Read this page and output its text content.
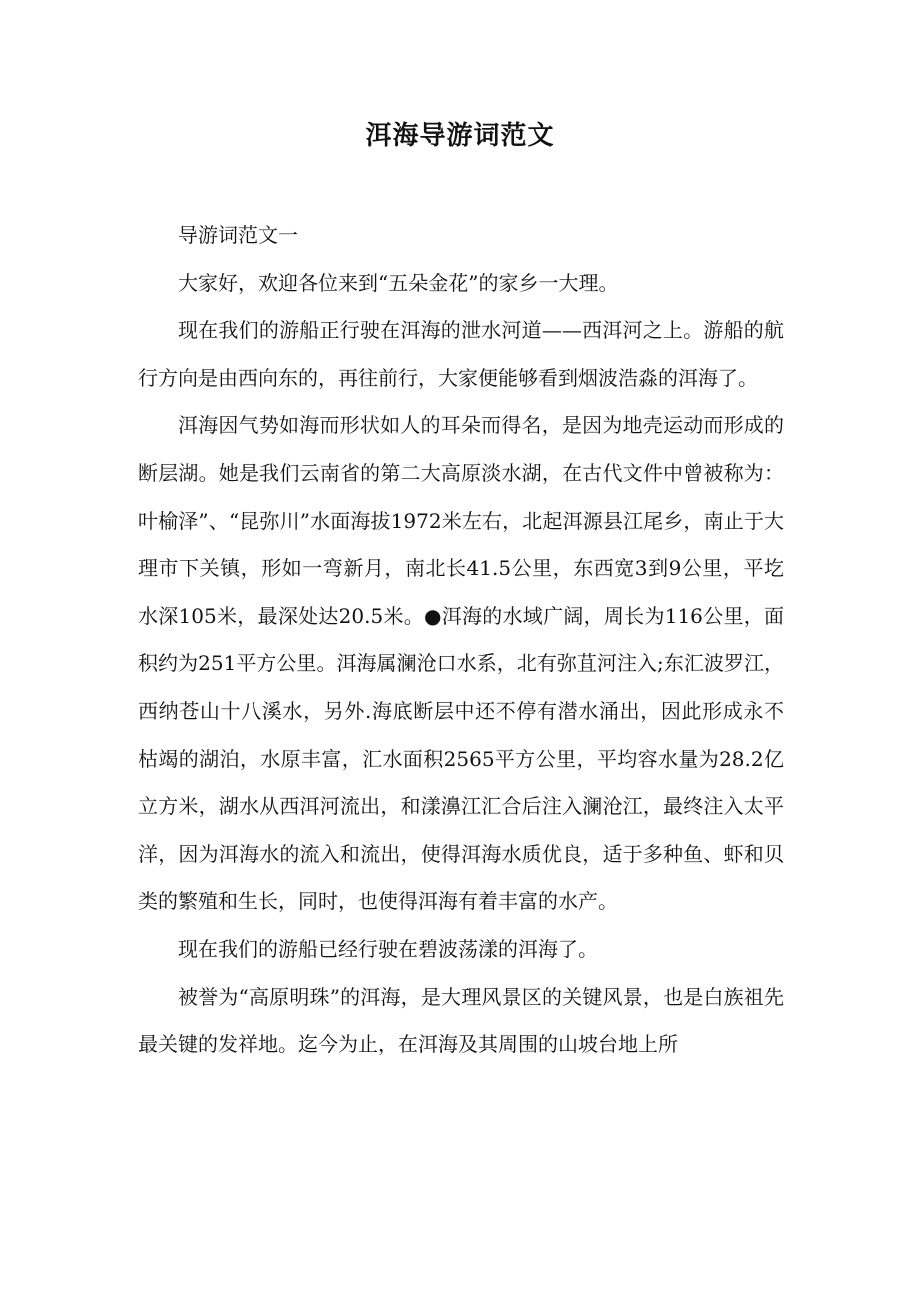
洱海导游词范文

导游词范文一

大家好，欢迎各位来到“五朵金花”的家乡一大理。

现在我们的游船正行驶在洱海的泄水河道——西洱河之上。游船的航行方向是由西向东的，再往前行，大家便能够看到烟波浩淼的洱海了。

洱海因气势如海而形状如人的耳朵而得名，是因为地壳运动而形成的断层湖。她是我们云南省的第二大高原淡水湖，在古代文件中曾被称为：叶榆泽”、“昆弥川”水面海拔1972米左右，北起洱源县江尾乡，南止于大理市下关镇，形如一弯新月，南北长41.5公里，东西宽3到9公里，平圪水深105米，最深处达20.5米。●洱海的水域广阔，周长为116公里，面积约为251平方公里。洱海属澜沧口水系，北有弥苴河注入;东汇波罗江，西纳苍山十八溪水，另外.海底断层中还不停有潜水涌出，因此形成永不枯竭的湖泊，水原丰富，汇水面积2565平方公里，平均容水量为28.2亿立方米，湖水从西洱河流出，和漾濞江汇合后注入澜沧江，最终注入太平洋，因为洱海水的流入和流出，使得洱海水质优良，适于多种鱼、虾和贝类的繁殖和生长，同时，也使得洱海有着丰富的水产。

现在我们的游船已经行驶在碧波荡漾的洱海了。

被誉为“高原明珠”的洱海，是大理风景区的关键风景，也是白族祖先最关键的发祥地。迄今为止，在洱海及其周围的山坡台地上所
